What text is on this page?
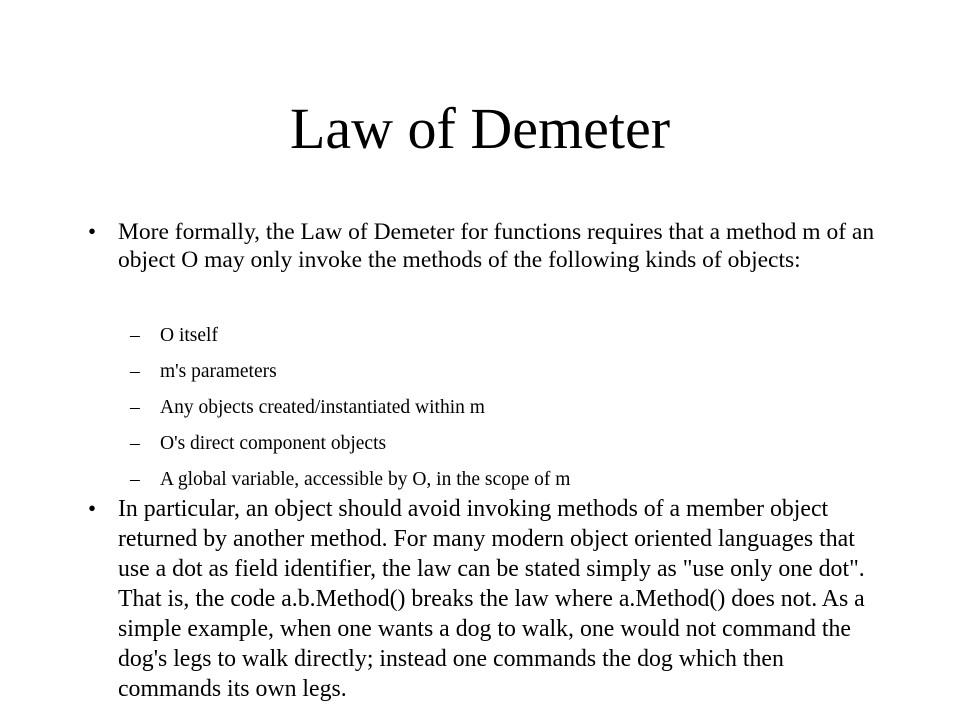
Law of Demeter
• More formally, the Law of Demeter for functions requires that a method m of an object O may only invoke the methods of the following kinds of objects:
– O itself
– m's parameters
– Any objects created/instantiated within m
– O's direct component objects
– A global variable, accessible by O, in the scope of m
• In particular, an object should avoid invoking methods of a member object returned by another method. For many modern object oriented languages that use a dot as field identifier, the law can be stated simply as "use only one dot". That is, the code a.b.Method() breaks the law where a.Method() does not. As a simple example, when one wants a dog to walk, one would not command the dog's legs to walk directly; instead one commands the dog which then commands its own legs.
